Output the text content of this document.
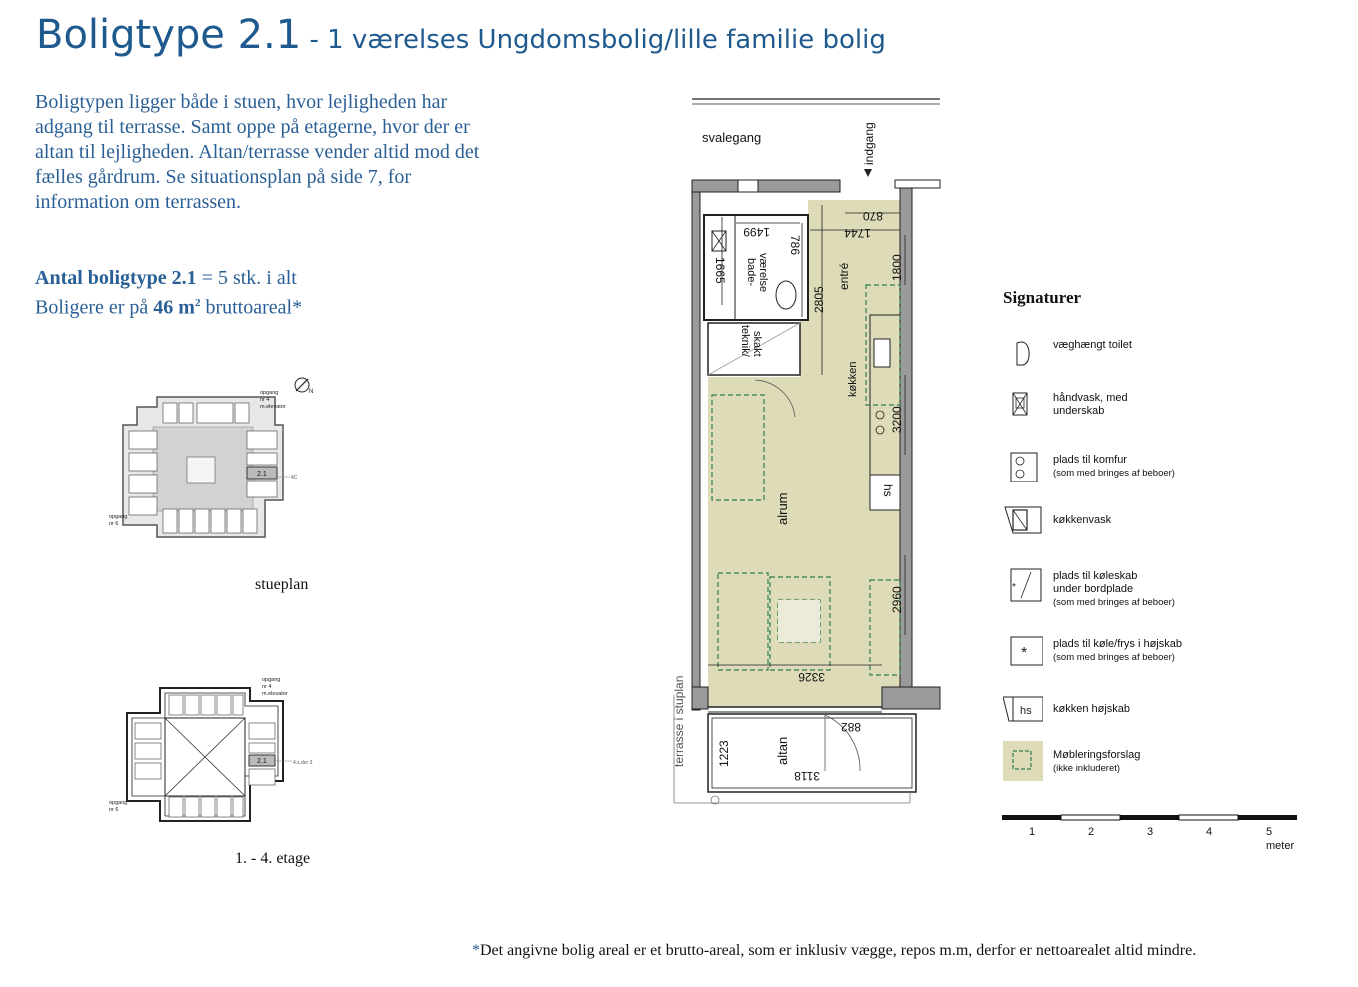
Boligtype 2.1 - 1 værelses Ungdomsbolig/lille familie bolig
Boligtypen ligger både i stuen, hvor lejligheden har
adgang til terrasse. Samt oppe på etagerne, hvor der er
altan til lejligheden. Altan/terrasse vender altid mod det
fælles gårdrum. Se situationsplan på side 7, for
information om terrassen.
Antal boligtype 2.1 = 5 stk. i alt
Boligere er på 46 $m^2$ bruttoareal*
2.1	4C
opgang
nr 4
m.elevator
opgang
nr 6
N
stueplan
2.1	4.x.der 3
opgang
nr 4
m.elevator
opgang
nr 6
1. - 4. etage
svalegang	indgang
bade- værelse
teknik/ skakt
hs
køkken
entré
alrum
870
1744
1499
786
1665
2805
1800
3200
2960
3326
altan
882
1223
3118
terrasse i stuplan
Signaturer
væghængt toilet
håndvask, med
underskab
plads til komfur
(som med bringes af beboer)
køkkenvask
*
plads til køleskab
under bordplade
(som med bringes af beboer)
*
plads til køle/frys i højskab
(som med bringes af beboer)
hs køkken højskab
Møbleringsforslag
(ikke inkluderet)
1	2	3	4	5
meter
*Det angivne bolig areal er et brutto-areal, som er inklusiv vægge, repos m.m, derfor er nettoarealet altid mindre.
